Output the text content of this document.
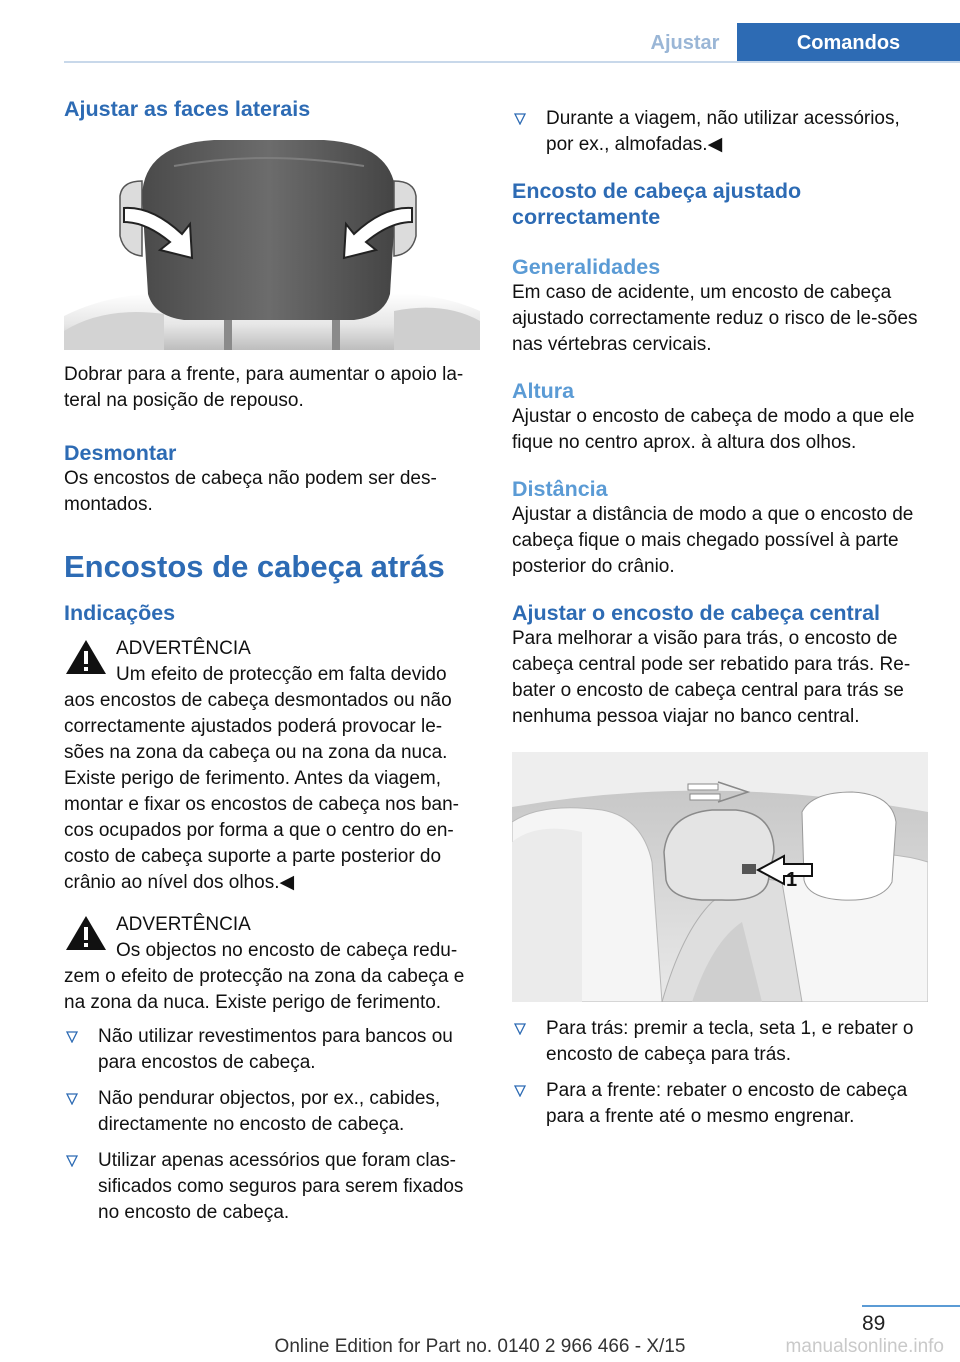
Ajustar	Comandos
Ajustar as faces laterais

Dobrar para a frente, para aumentar o apoio la‐teral na posição de repouso.

Desmontar

Os encostos de cabeça não podem ser des‐montados.

Encostos de cabeça atrás
Indicações

ADVERTÊNCIA

Um efeito de protecção em falta devido aos encostos de cabeça desmontados ou não correctamente ajustados poderá provocar le‐sões na zona da cabeça ou na zona da nuca. Existe perigo de ferimento. Antes da viagem, montar e fixar os encostos de cabeça nos ban‐cos ocupados por forma a que o centro do en‐costo de cabeça suporte a parte posterior do crânio ao nível dos olhos.◀

ADVERTÊNCIA

Os objectos no encosto de cabeça redu‐zem o efeito de protecção na zona da cabeça e na zona da nuca. Existe perigo de ferimento.

Não utilizar revestimentos para bancos ou para encostos de cabeça.
Não pendurar objectos, por ex., cabides, directamente no encosto de cabeça.
Utilizar apenas acessórios que foram clas‐sificados como seguros para serem fixados no encosto de cabeça.
Durante a viagem, não utilizar acessórios, por ex., almofadas.◀
Encosto de cabeça ajustado correctamente
Generalidades

Em caso de acidente, um encosto de cabeça ajustado correctamente reduz o risco de le‐sões nas vértebras cervicais.

Altura

Ajustar o encosto de cabeça de modo a que ele fique no centro aprox. à altura dos olhos.

Distância

Ajustar a distância de modo a que o encosto de cabeça fique o mais chegado possível à parte posterior do crânio.

Ajustar o encosto de cabeça central

Para melhorar a visão para trás, o encosto de cabeça central pode ser rebatido para trás. Re‐bater o encosto de cabeça central para trás se nenhuma pessoa viajar no banco central.

1
Para trás: premir a tecla, seta 1, e rebater o encosto de cabeça para trás.
Para a frente: rebater o encosto de cabeça para a frente até o mesmo engrenar.
89
Online Edition for Part no. 0140 2 966 466 - X/15	manualsonline.info
